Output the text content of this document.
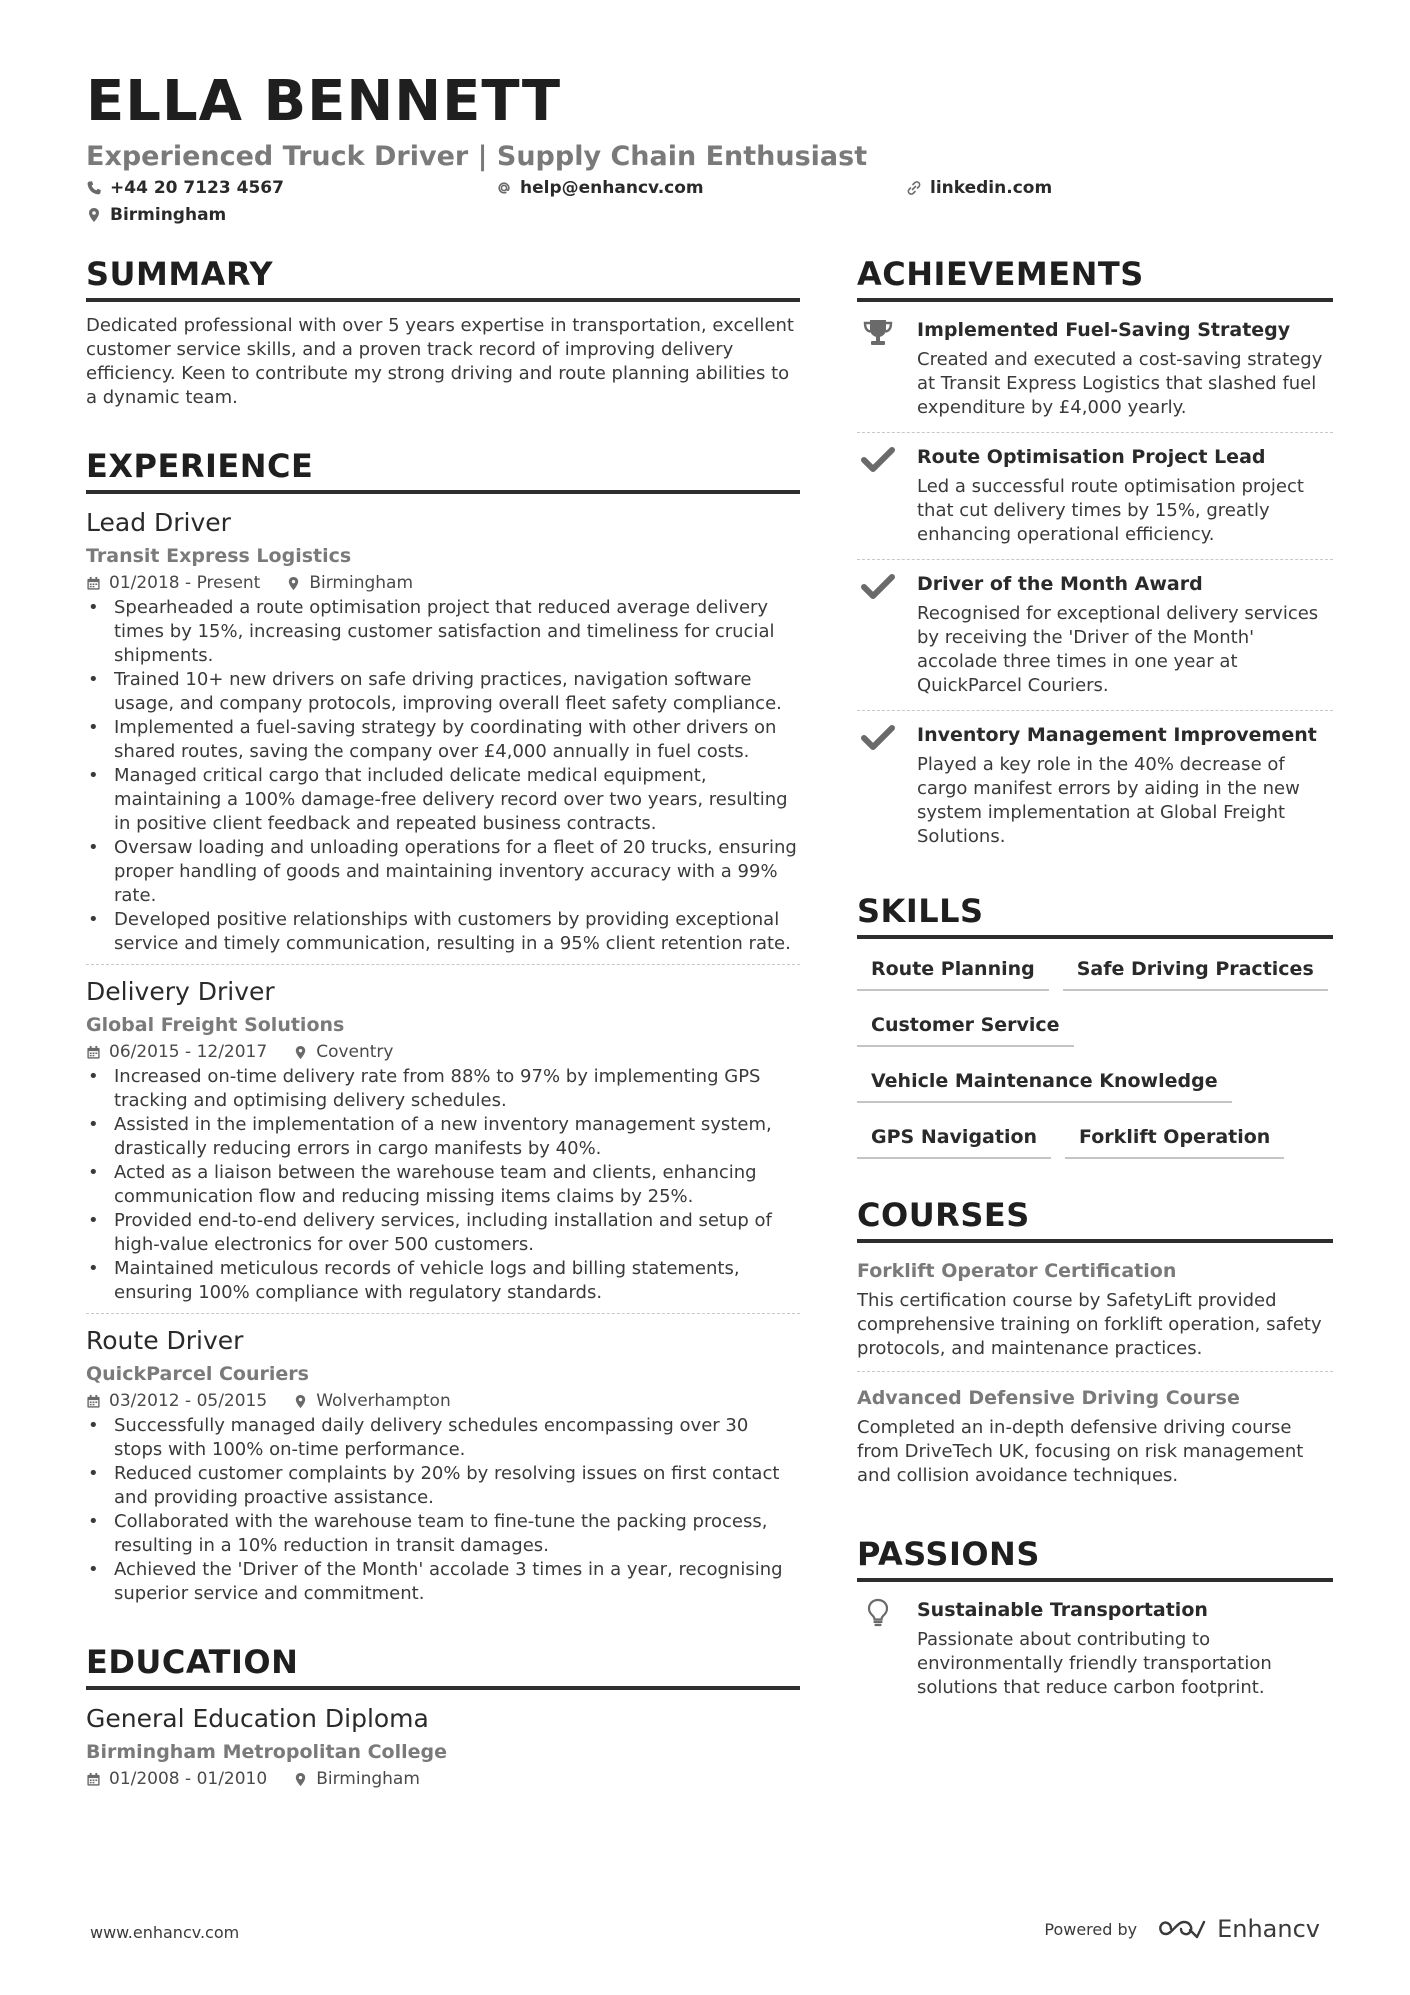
ELLA BENNETT
Experienced Truck Driver | Supply Chain Enthusiast
+44 20 7123 4567	help@enhancv.com	linkedin.com
Birmingham
SUMMARY

Dedicated professional with over 5 years expertise in transportation, excellent customer service skills, and a proven track record of improving delivery efficiency. Keen to contribute my strong driving and route planning abilities to a dynamic team.

EXPERIENCE
Lead Driver
Transit Express Logistics
01/2018 - Present	Birmingham
• Spearheaded a route optimisation project that reduced average delivery times by 15%, increasing customer satisfaction and timeliness for crucial shipments.
• Trained 10+ new drivers on safe driving practices, navigation software usage, and company protocols, improving overall fleet safety compliance.
• Implemented a fuel-saving strategy by coordinating with other drivers on shared routes, saving the company over £4,000 annually in fuel costs.
• Managed critical cargo that included delicate medical equipment, maintaining a 100% damage-free delivery record over two years, resulting in positive client feedback and repeated business contracts.
• Oversaw loading and unloading operations for a fleet of 20 trucks, ensuring proper handling of goods and maintaining inventory accuracy with a 99% rate.
• Developed positive relationships with customers by providing exceptional service and timely communication, resulting in a 95% client retention rate.
Delivery Driver
Global Freight Solutions
06/2015 - 12/2017	Coventry
• Increased on-time delivery rate from 88% to 97% by implementing GPS tracking and optimising delivery schedules.
• Assisted in the implementation of a new inventory management system, drastically reducing errors in cargo manifests by 40%.
• Acted as a liaison between the warehouse team and clients, enhancing communication flow and reducing missing items claims by 25%.
• Provided end-to-end delivery services, including installation and setup of high-value electronics for over 500 customers.
• Maintained meticulous records of vehicle logs and billing statements, ensuring 100% compliance with regulatory standards.
Route Driver
QuickParcel Couriers
03/2012 - 05/2015	Wolverhampton
• Successfully managed daily delivery schedules encompassing over 30 stops with 100% on-time performance.
• Reduced customer complaints by 20% by resolving issues on first contact and providing proactive assistance.
• Collaborated with the warehouse team to fine-tune the packing process, resulting in a 10% reduction in transit damages.
• Achieved the 'Driver of the Month' accolade 3 times in a year, recognising superior service and commitment.
EDUCATION
General Education Diploma
Birmingham Metropolitan College
01/2008 - 01/2010	Birmingham
ACHIEVEMENTS
Implemented Fuel-Saving Strategy
Created and executed a cost-saving strategy at Transit Express Logistics that slashed fuel expenditure by £4,000 yearly.
Route Optimisation Project Lead
Led a successful route optimisation project that cut delivery times by 15%, greatly enhancing operational efficiency.
Driver of the Month Award
Recognised for exceptional delivery services by receiving the 'Driver of the Month' accolade three times in one year at QuickParcel Couriers.
Inventory Management Improvement
Played a key role in the 40% decrease of cargo manifest errors by aiding in the new system implementation at Global Freight Solutions.
SKILLS
Route Planning	Safe Driving Practices
Customer Service
Vehicle Maintenance Knowledge
GPS Navigation	Forklift Operation
COURSES
Forklift Operator Certification
This certification course by SafetyLift provided comprehensive training on forklift operation, safety protocols, and maintenance practices.
Advanced Defensive Driving Course
Completed an in-depth defensive driving course from DriveTech UK, focusing on risk management and collision avoidance techniques.
PASSIONS
Sustainable Transportation
Passionate about contributing to environmentally friendly transportation solutions that reduce carbon footprint.
www.enhancv.com	Powered by	Enhancv
